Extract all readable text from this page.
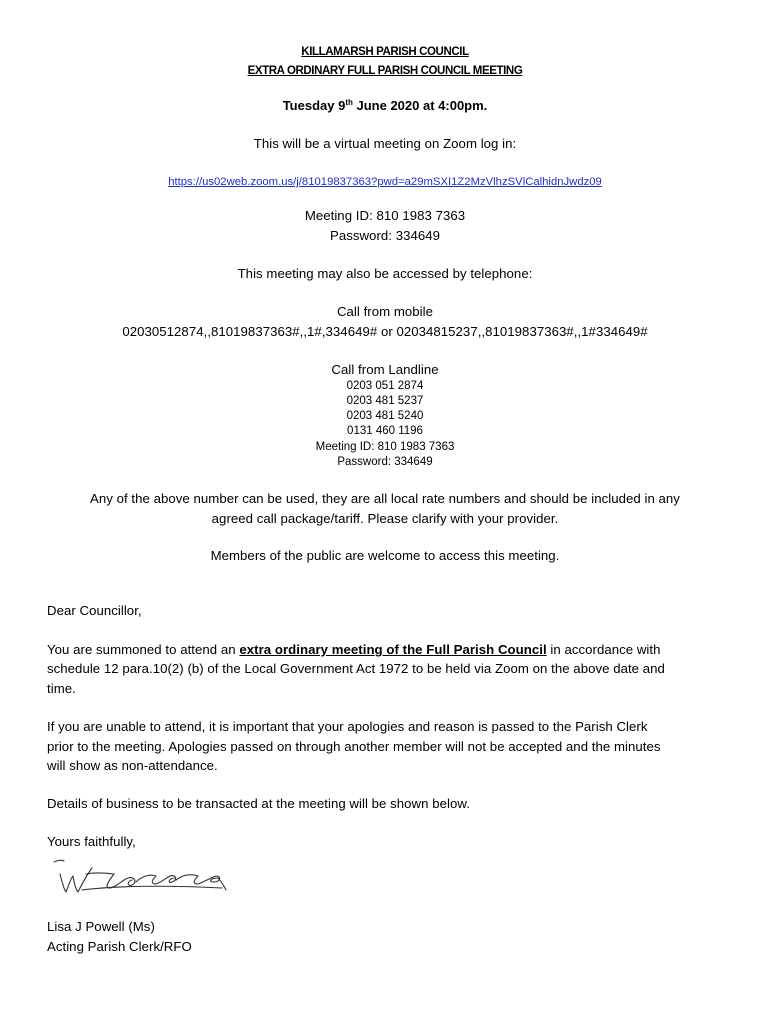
KILLAMARSH PARISH COUNCIL
EXTRA ORDINARY FULL PARISH COUNCIL MEETING
Tuesday 9th June 2020 at 4:00pm.
This will be a virtual meeting on Zoom log in:
https://us02web.zoom.us/j/81019837363?pwd=a29mSXI1Z2MzVlhzSVlCalhidnJwdz09
Meeting ID: 810 1983 7363
Password: 334649
This meeting may also be accessed by telephone:
Call from mobile
02030512874,,81019837363#,,1#,334649# or 02034815237,,81019837363#,,1#334649#
Call from Landline
0203 051 2874
0203 481 5237
0203 481 5240
0131 460 1196
Meeting ID: 810 1983 7363
Password: 334649
Any of the above number can be used, they are all local rate numbers and should be included in any
agreed call package/tariff. Please clarify with your provider.
Members of the public are welcome to access this meeting.
Dear Councillor,
You are summoned to attend an extra ordinary meeting of the Full Parish Council in accordance with
schedule 12 para.10(2) (b) of the Local Government Act 1972 to be held via Zoom on the above date and
time.
If you are unable to attend, it is important that your apologies and reason is passed to the Parish Clerk
prior to the meeting. Apologies passed on through another member will not be accepted and the minutes
will show as non-attendance.
Details of business to be transacted at the meeting will be shown below.
Yours faithfully,
Lisa J Powell (Ms)
Acting Parish Clerk/RFO
